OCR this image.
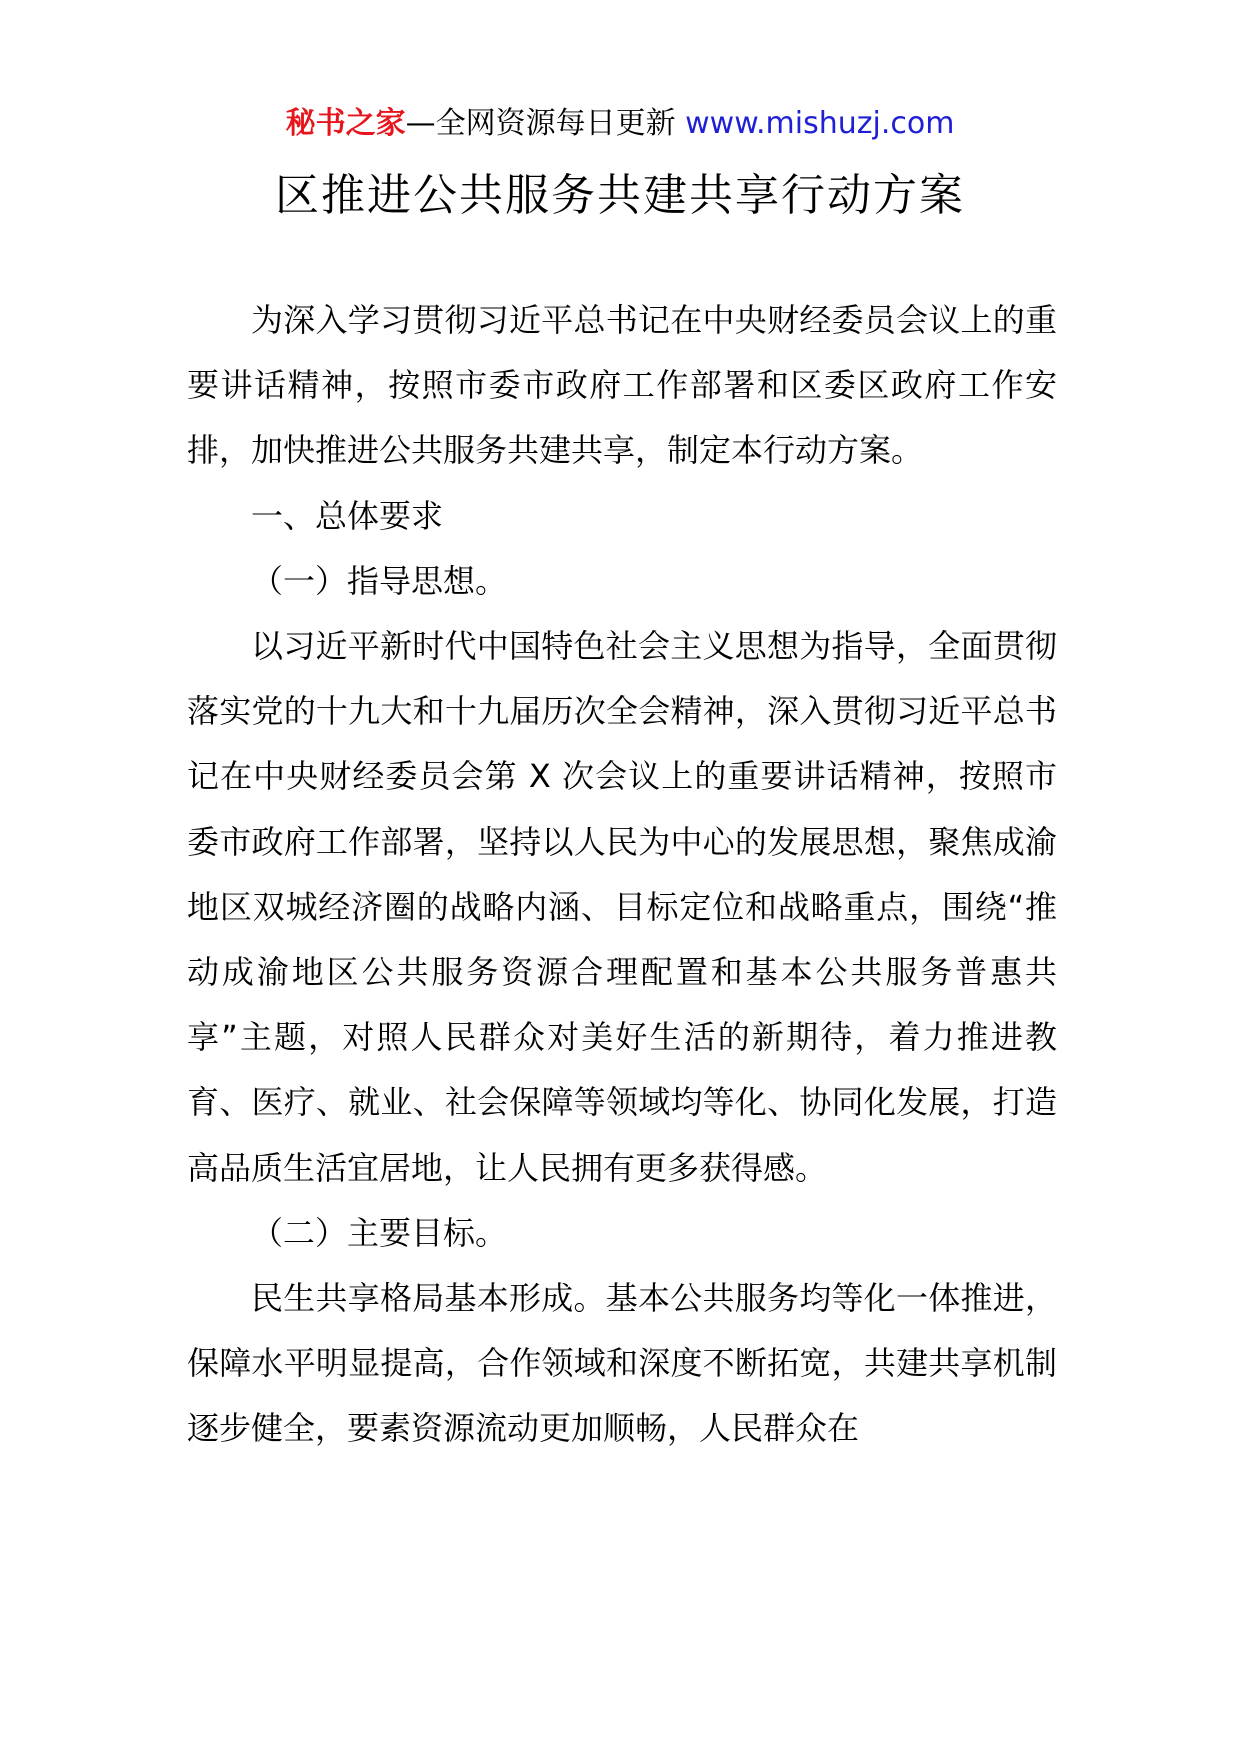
秘书之家—全网资源每日更新 www.mishuzj.com
区推进公共服务共建共享行动方案

为深入学习贯彻习近平总书记在中央财经委员会议上的重要讲话精神，按照市委市政府工作部署和区委区政府工作安排，加快推进公共服务共建共享，制定本行动方案。

一、总体要求

（一）指导思想。

以习近平新时代中国特色社会主义思想为指导，全面贯彻落实党的十九大和十九届历次全会精神，深入贯彻习近平总书记在中央财经委员会第 X 次会议上的重要讲话精神，按照市委市政府工作部署，坚持以人民为中心的发展思想，聚焦成渝地区双城经济圈的战略内涵、目标定位和战略重点，围绕“推动成渝地区公共服务资源合理配置和基本公共服务普惠共享”主题，对照人民群众对美好生活的新期待，着力推进教育、医疗、就业、社会保障等领域均等化、协同化发展，打造高品质生活宜居地，让人民拥有更多获得感。

（二）主要目标。

民生共享格局基本形成。基本公共服务均等化一体推进，保障水平明显提高，合作领域和深度不断拓宽，共建共享机制逐步健全，要素资源流动更加顺畅，人民群众在
